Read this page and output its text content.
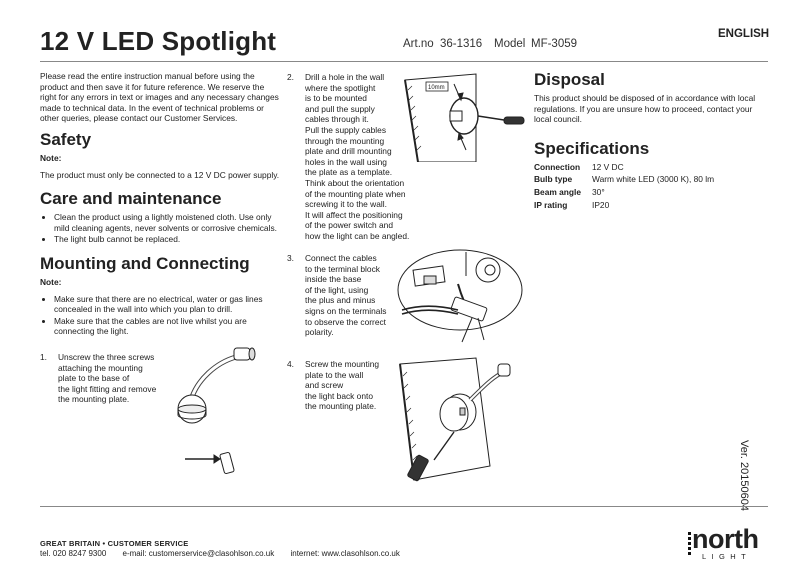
12 V LED Spotlight	Art.no 36-1316 Model MF-3059
ENGLISH

Please read the entire instruction manual before using the product and then save it for future reference. We reserve the right for any errors in text or images and any necessary changes made to technical data. In the event of technical problems or other queries, please contact our Customer Services.

Safety

Note:

The product must only be connected to a 12 V DC power supply.

Care and maintenance
• Clean the product using a lightly moistened cloth. Use only mild cleaning agents, never solvents or corrosive chemicals.
• The light bulb cannot be replaced.
Mounting and Connecting

Note:

• Make sure that there are no electrical, water or gas lines concealed in the wall into which you plan to drill.
• Make sure that the cables are not live whilst you are connecting the light.
1. Unscrew the three screws
attaching the mounting
plate to the base of
the light fitting and remove
the mounting plate.
2. Drill a hole in the wall
where the spotlight
is to be mounted
and pull the supply
cables through it.
Pull the supply cables
through the mounting
plate and drill mounting
holes in the wall using
the plate as a template.
Think about the orientation
of the mounting plate when
screwing it to the wall.
It will affect the positioning
of the power switch and
how the light can be angled.
3. Connect the cables
to the terminal block
inside the base
of the light, using
the plus and minus
signs on the terminals
to observe the correct
polarity.
4. Screw the mounting
plate to the wall
and screw
the light back onto
the mounting plate.
10mm	Disposal

This product should be disposed of in accordance with local regulations. If you are unsure how to proceed, contact your local council.

Specifications
Connection	12 V DC
Bulb type	Warm white LED (3000 K), 80 lm
Beam angle	30°
IP rating	IP20
Ver. 20150604
GREAT BRITAIN • CUSTOMER SERVICE
tel. 020 8247 9300 e-mail: customerservice@clasohlson.co.uk internet: www.clasohlson.co.uk	north
LIGHT
